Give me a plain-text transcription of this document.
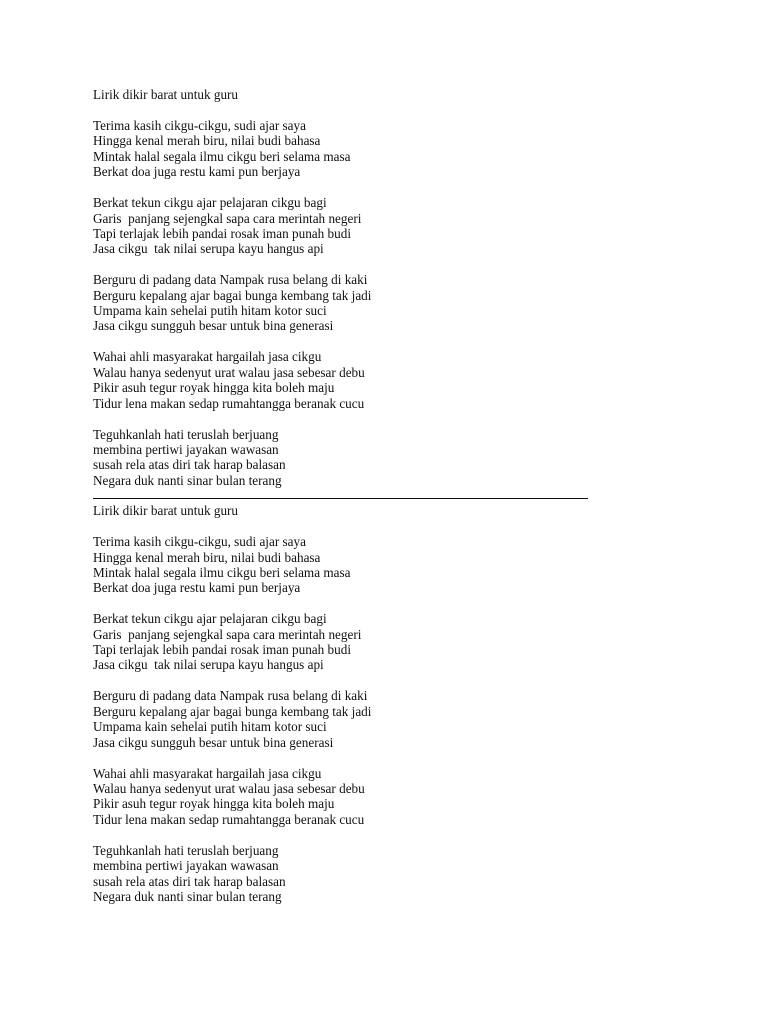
Lirik dikir barat untuk guru
Terima kasih cikgu-cikgu, sudi ajar saya
Hingga kenal merah biru, nilai budi bahasa
Mintak halal segala ilmu cikgu beri selama masa
Berkat doa juga restu kami pun berjaya
Berkat tekun cikgu ajar pelajaran cikgu bagi
Garis  panjang sejengkal sapa cara merintah negeri
Tapi terlajak lebih pandai rosak iman punah budi
Jasa cikgu  tak nilai serupa kayu hangus api
Berguru di padang data Nampak rusa belang di kaki
Berguru kepalang ajar bagai bunga kembang tak jadi
Umpama kain sehelai putih hitam kotor suci
Jasa cikgu sungguh besar untuk bina generasi
Wahai ahli masyarakat hargailah jasa cikgu
Walau hanya sedenyut urat walau jasa sebesar debu
Pikir asuh tegur royak hingga kita boleh maju
Tidur lena makan sedap rumahtangga beranak cucu
Teguhkanlah hati teruslah berjuang
membina pertiwi jayakan wawasan
susah rela atas diri tak harap balasan
Negara duk nanti sinar bulan terang
Lirik dikir barat untuk guru
Terima kasih cikgu-cikgu, sudi ajar saya
Hingga kenal merah biru, nilai budi bahasa
Mintak halal segala ilmu cikgu beri selama masa
Berkat doa juga restu kami pun berjaya
Berkat tekun cikgu ajar pelajaran cikgu bagi
Garis  panjang sejengkal sapa cara merintah negeri
Tapi terlajak lebih pandai rosak iman punah budi
Jasa cikgu  tak nilai serupa kayu hangus api
Berguru di padang data Nampak rusa belang di kaki
Berguru kepalang ajar bagai bunga kembang tak jadi
Umpama kain sehelai putih hitam kotor suci
Jasa cikgu sungguh besar untuk bina generasi
Wahai ahli masyarakat hargailah jasa cikgu
Walau hanya sedenyut urat walau jasa sebesar debu
Pikir asuh tegur royak hingga kita boleh maju
Tidur lena makan sedap rumahtangga beranak cucu
Teguhkanlah hati teruslah berjuang
membina pertiwi jayakan wawasan
susah rela atas diri tak harap balasan
Negara duk nanti sinar bulan terang
